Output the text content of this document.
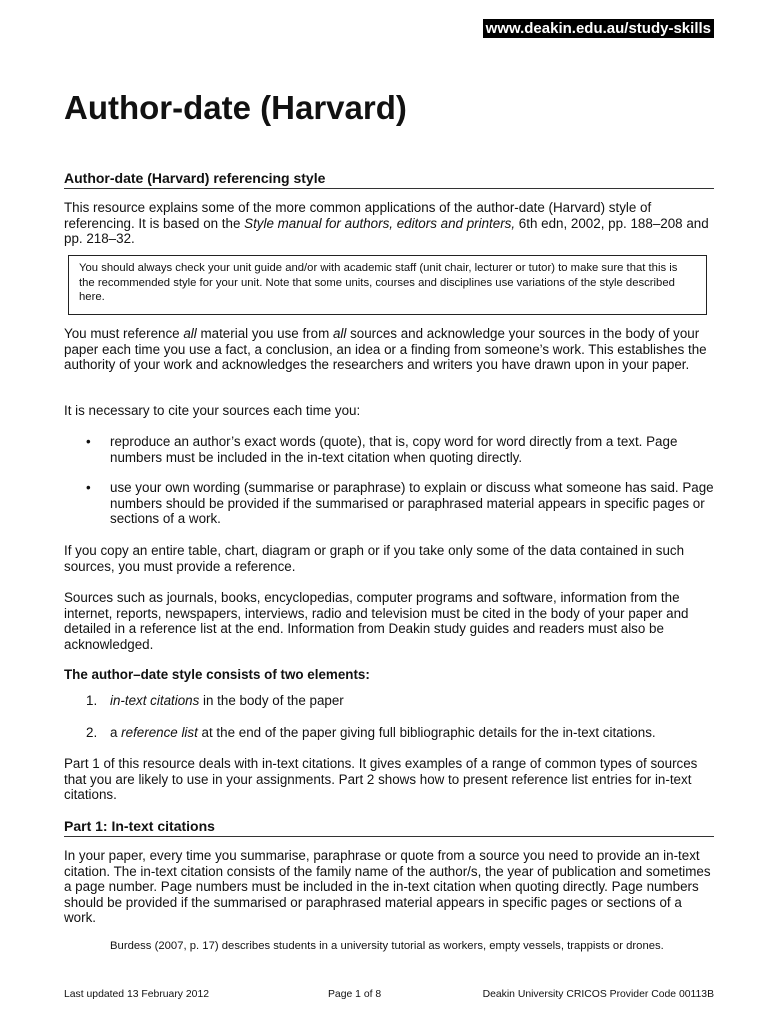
www.deakin.edu.au/study-skills
Author-date (Harvard)
Author-date (Harvard) referencing style

This resource explains some of the more common applications of the author-date (Harvard) style of referencing. It is based on the Style manual for authors, editors and printers, 6th edn, 2002, pp. 188–208 and pp. 218–32.

You should always check your unit guide and/or with academic staff (unit chair, lecturer or tutor) to make sure that this is the recommended style for your unit. Note that some units, courses and disciplines use variations of the style described here.

You must reference all material you use from all sources and acknowledge your sources in the body of your paper each time you use a fact, a conclusion, an idea or a finding from someone’s work. This establishes the authority of your work and acknowledges the researchers and writers you have drawn upon in your paper.

It is necessary to cite your sources each time you:

• reproduce an author’s exact words (quote), that is, copy word for word directly from a text. Page numbers must be included in the in-text citation when quoting directly.
• use your own wording (summarise or paraphrase) to explain or discuss what someone has said. Page numbers should be provided if the summarised or paraphrased material appears in specific pages or sections of a work.

If you copy an entire table, chart, diagram or graph or if you take only some of the data contained in such sources, you must provide a reference.

Sources such as journals, books, encyclopedias, computer programs and software, information from the internet, reports, newspapers, interviews, radio and television must be cited in the body of your paper and detailed in a reference list at the end. Information from Deakin study guides and readers must also be acknowledged.

The author–date style consists of two elements:

1. in-text citations in the body of the paper
2. a reference list at the end of the paper giving full bibliographic details for the in-text citations.

Part 1 of this resource deals with in-text citations. It gives examples of a range of common types of sources that you are likely to use in your assignments. Part 2 shows how to present reference list entries for in-text citations.

Part 1: In-text citations

In your paper, every time you summarise, paraphrase or quote from a source you need to provide an in-text citation. The in-text citation consists of the family name of the author/s, the year of publication and sometimes a page number. Page numbers must be included in the in-text citation when quoting directly. Page numbers should be provided if the summarised or paraphrased material appears in specific pages or sections of a work.

Burdess (2007, p. 17) describes students in a university tutorial as workers, empty vessels, trappists or drones.
Last updated 13 February 2012	Page 1 of 8	Deakin University CRICOS Provider Code 00113B
